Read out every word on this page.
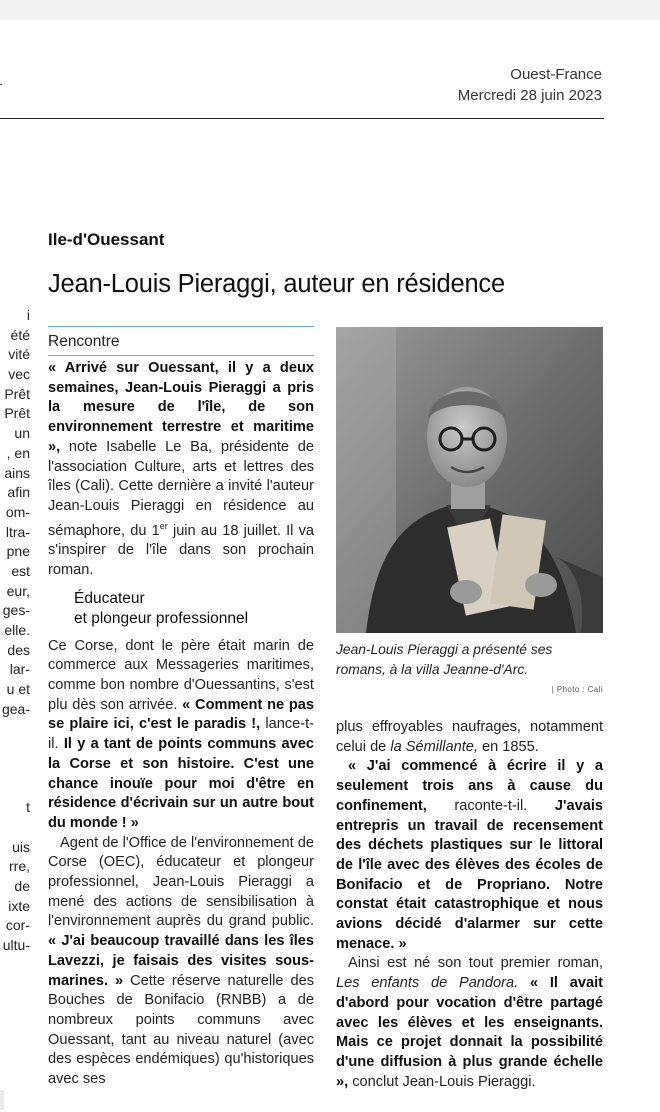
Ouest-France
Mercredi 28 juin 2023
Ile-d'Ouessant
Jean-Louis Pieraggi, auteur en résidence
i
été
vité
vec
Prêt
Prêt
un
, en
ains
afin
om-
ltra-
pne
est
eur,
ges-
elle.
des
lar-
u et
gea-
t
uis
rre,
de
ixte
cor-
ultu-
Rencontre

« Arrivé sur Ouessant, il y a deux semaines, Jean-Louis Pieraggi a pris la mesure de l'île, de son environnement terrestre et maritime », note Isabelle Le Ba, présidente de l'association Culture, arts et lettres des îles (Cali). Cette dernière a invité l'auteur Jean-Louis Pieraggi en résidence au sémaphore, du 1er juin au 18 juillet. Il va s'inspirer de l'île dans son prochain roman.

Éducateur
et plongeur professionnel

Ce Corse, dont le père était marin de commerce aux Messageries maritimes, comme bon nombre d'Ouessantins, s'est plu dès son arrivée. « Comment ne pas se plaire ici, c'est le paradis !, lance-t-il. Il y a tant de points communs avec la Corse et son histoire. C'est une chance inouïe pour moi d'être en résidence d'écrivain sur un autre bout du monde ! »

Agent de l'Office de l'environnement de Corse (OEC), éducateur et plongeur professionnel, Jean-Louis Pieraggi a mené des actions de sensibilisation à l'environnement auprès du grand public. « J'ai beaucoup travaillé dans les îles Lavezzi, je faisais des visites sous-marines. » Cette réserve naturelle des Bouches de Bonifacio (RNBB) a de nombreux points communs avec Ouessant, tant au niveau naturel (avec des espèces endémiques) qu'historiques avec ses

Jean-Louis Pieraggi a présenté ses romans, à la villa Jeanne-d'Arc.
| Photo : Cali

plus effroyables naufrages, notamment celui de la Sémillante, en 1855.

« J'ai commencé à écrire il y a seulement trois ans à cause du confinement, raconte-t-il. J'avais entrepris un travail de recensement des déchets plastiques sur le littoral de l'île avec des élèves des écoles de Bonifacio et de Propriano. Notre constat était catastrophique et nous avions décidé d'alarmer sur cette menace. »

Ainsi est né son tout premier roman, Les enfants de Pandora. « Il avait d'abord pour vocation d'être partagé avec les élèves et les enseignants. Mais ce projet donnait la possibilité d'une diffusion à plus grande échelle », conclut Jean-Louis Pieraggi.
